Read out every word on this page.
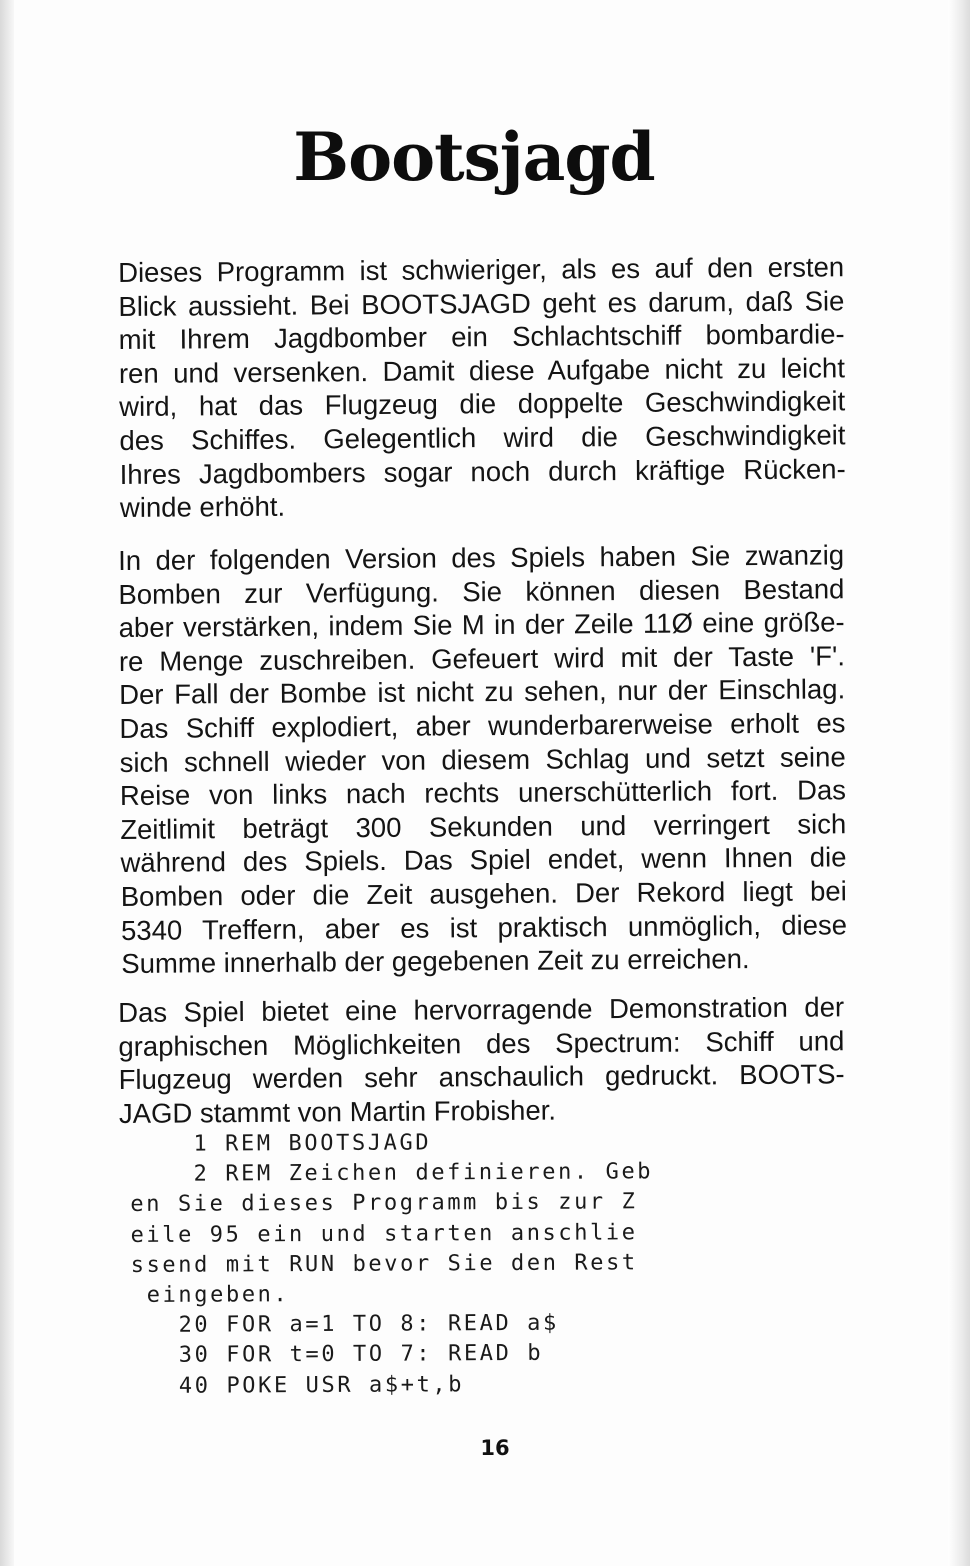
Bootsjagd
Dieses Programm ist schwieriger, als es auf den ersten
Blick aussieht. Bei BOOTSJAGD geht es darum, daß Sie
mit Ihrem Jagdbomber ein Schlachtschiff bombardie-
ren und versenken. Damit diese Aufgabe nicht zu leicht
wird, hat das Flugzeug die doppelte Geschwindigkeit
des Schiffes. Gelegentlich wird die Geschwindigkeit
Ihres Jagdbombers sogar noch durch kräftige Rücken-
winde erhöht.
In der folgenden Version des Spiels haben Sie zwanzig
Bomben zur Verfügung. Sie können diesen Bestand
aber verstärken, indem Sie M in der Zeile 11Ø eine größe-
re Menge zuschreiben. Gefeuert wird mit der Taste 'F'.
Der Fall der Bombe ist nicht zu sehen, nur der Einschlag.
Das Schiff explodiert, aber wunderbarerweise erholt es
sich schnell wieder von diesem Schlag und setzt seine
Reise von links nach rechts unerschütterlich fort. Das
Zeitlimit beträgt 300 Sekunden und verringert sich
während des Spiels. Das Spiel endet, wenn Ihnen die
Bomben oder die Zeit ausgehen. Der Rekord liegt bei
5340 Treffern, aber es ist praktisch unmöglich, diese
Summe innerhalb der gegebenen Zeit zu erreichen.
Das Spiel bietet eine hervorragende Demonstration der
graphischen Möglichkeiten des Spectrum: Schiff und
Flugzeug werden sehr anschaulich gedruckt. BOOTS-
JAGD stammt von Martin Frobisher.
1 REM BOOTSJAGD
2 REM Zeichen definieren. Geb
en Sie dieses Programm bis zur Z
eile 95 ein und starten anschlie
ssend mit RUN bevor Sie den Rest
eingeben.
20 FOR a=1 TO 8: READ a$
30 FOR t=0 TO 7: READ b
40 POKE USR a$+t,b
16
